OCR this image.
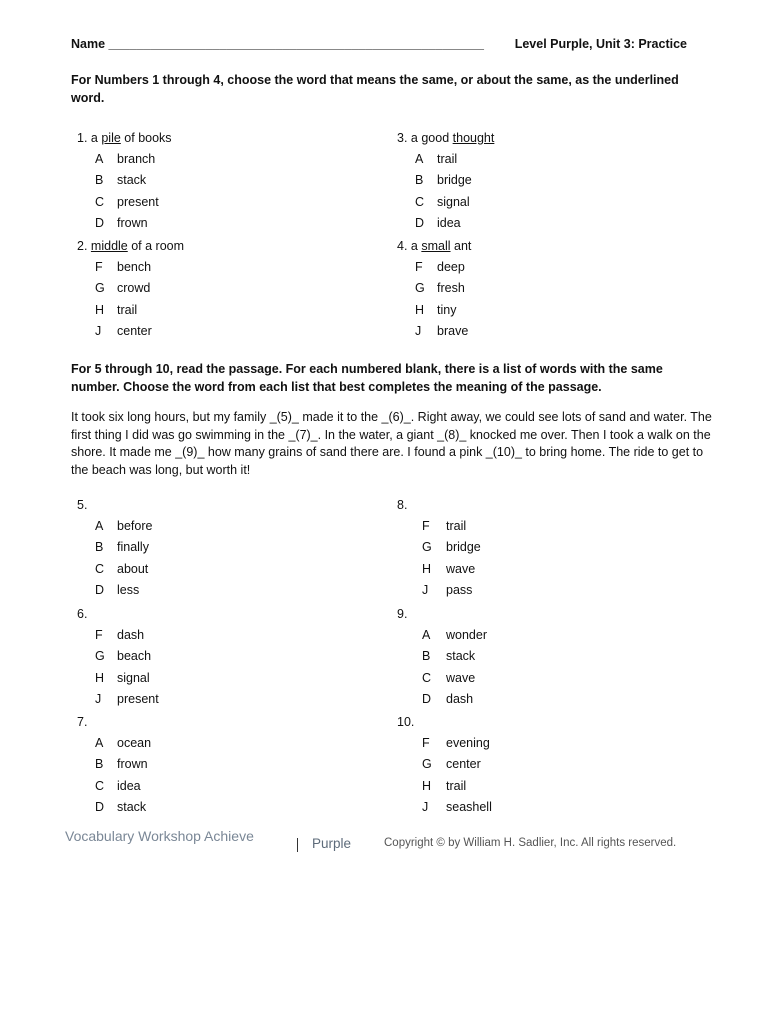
Name ______________________________________________________ Level Purple, Unit 3: Practice
For Numbers 1 through 4, choose the word that means the same, or about the same, as the underlined word.
1. a pile of books
A branch
B stack
C present
D frown
2. middle of a room
F bench
G crowd
H trail
J center
3. a good thought
A trail
B bridge
C signal
D idea
4. a small ant
F deep
G fresh
H tiny
J brave
For 5 through 10, read the passage. For each numbered blank, there is a list of words with the same number. Choose the word from each list that best completes the meaning of the passage.
It took six long hours, but my family _(5)_ made it to the _(6)_. Right away, we could see lots of sand and water. The first thing I did was go swimming in the _(7)_. In the water, a giant _(8)_ knocked me over. Then I took a walk on the shore. It made me _(9)_ how many grains of sand there are. I found a pink _(10)_ to bring home. The ride to get to the beach was long, but worth it!
5.
A before
B finally
C about
D less
6.
F dash
G beach
H signal
J present
7.
A ocean
B frown
C idea
D stack
8.
F trail
G bridge
H wave
J pass
9.
A wonder
B stack
C wave
D dash
10.
F evening
G center
H trail
J seashell
Vocabulary Workshop Achieve	Purple	Copyright © by William H. Sadlier, Inc. All rights reserved.
